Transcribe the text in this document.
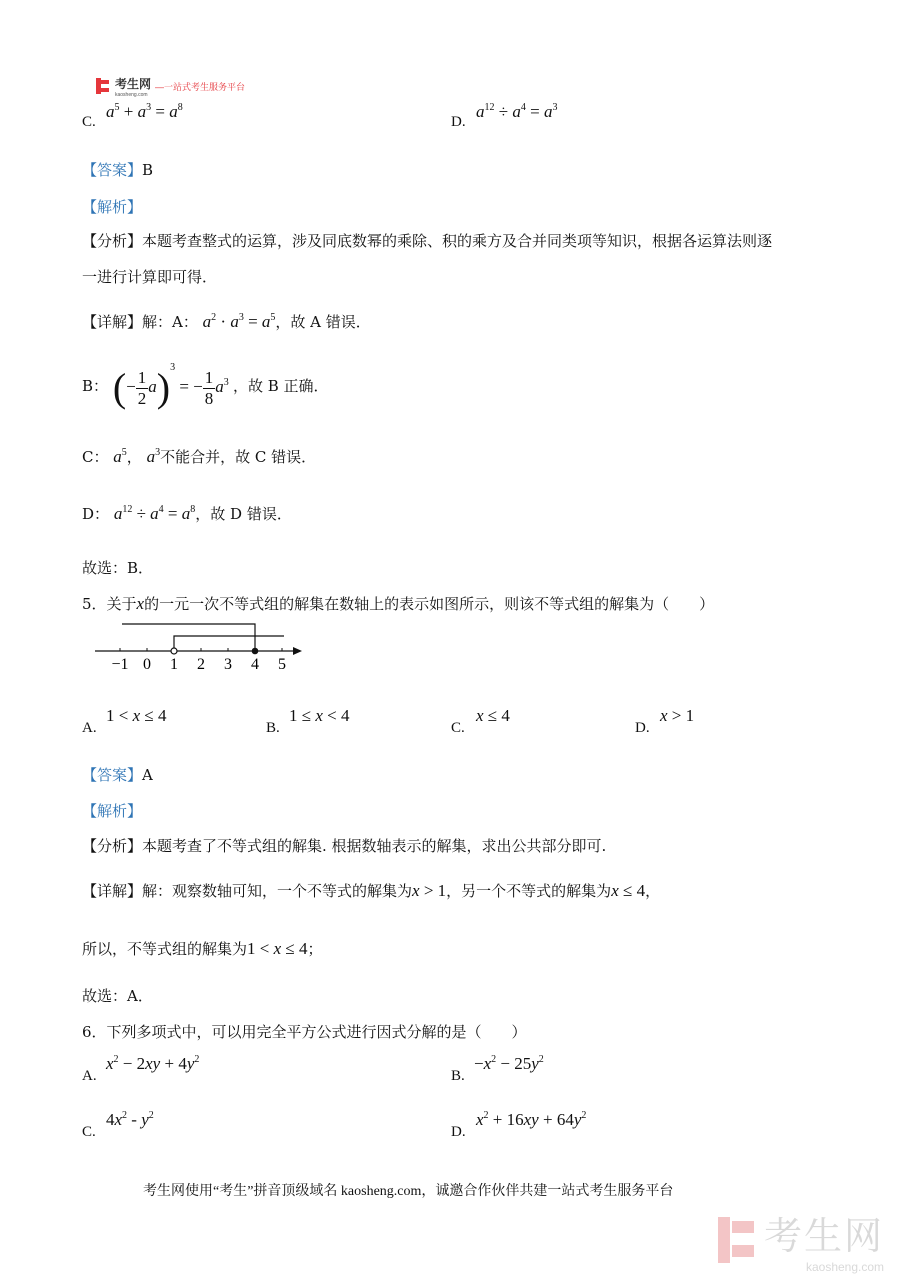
考生网
kaosheng.com
—一站式考生服务平台
C.
$a^5 + a^3 = a^8$
D.
$a^{12} \div a^4 = a^3$
【答案】B
【解析】
【分析】本题考查整式的运算，涉及同底数幂的乘除、积的乘方及合并同类项等知识，根据各运算法则逐
一进行计算即可得．
【详解】解：A： $a^2 \cdot a^3 = a^5$，故 A 错误．
B： (− $\frac{1}{2} a)^3$ = − $\frac{1}{8} a^3$ ，故 B 正确．
C： $a^5$， $a^3$不能合并，故 C 错误．
D： $a^{12} \div a^4 = a^8$，故 D 错误．
故选：B．
5．关于x的一元一次不等式组的解集在数轴上的表示如图所示，则该不等式组的解集为（　　）
−1 0 1 2 3 4 5
A.
1 < x ≤ 4
B.
1 ≤ x < 4
C.
x ≤ 4
D.
x > 1
【答案】A
【解析】
【分析】本题考查了不等式组的解集. 根据数轴表示的解集，求出公共部分即可.
【详解】解：观察数轴可知，一个不等式的解集为x > 1，另一个不等式的解集为x ≤ 4，
所以，不等式组的解集为1 < x ≤ 4；
故选：A．
6．下列多项式中，可以用完全平方公式进行因式分解的是（　　）
A.
$x^2 - 2xy + 4y^2$
B.
$-x^2 - 25y^2$
C.
$4x^2 - y^2$
D.
$x^2 + 16xy + 64y^2$
考生网使用“考生”拼音顶级域名 kaosheng.com，诚邀合作伙伴共建一站式考生服务平台
考生网
kaosheng.com
